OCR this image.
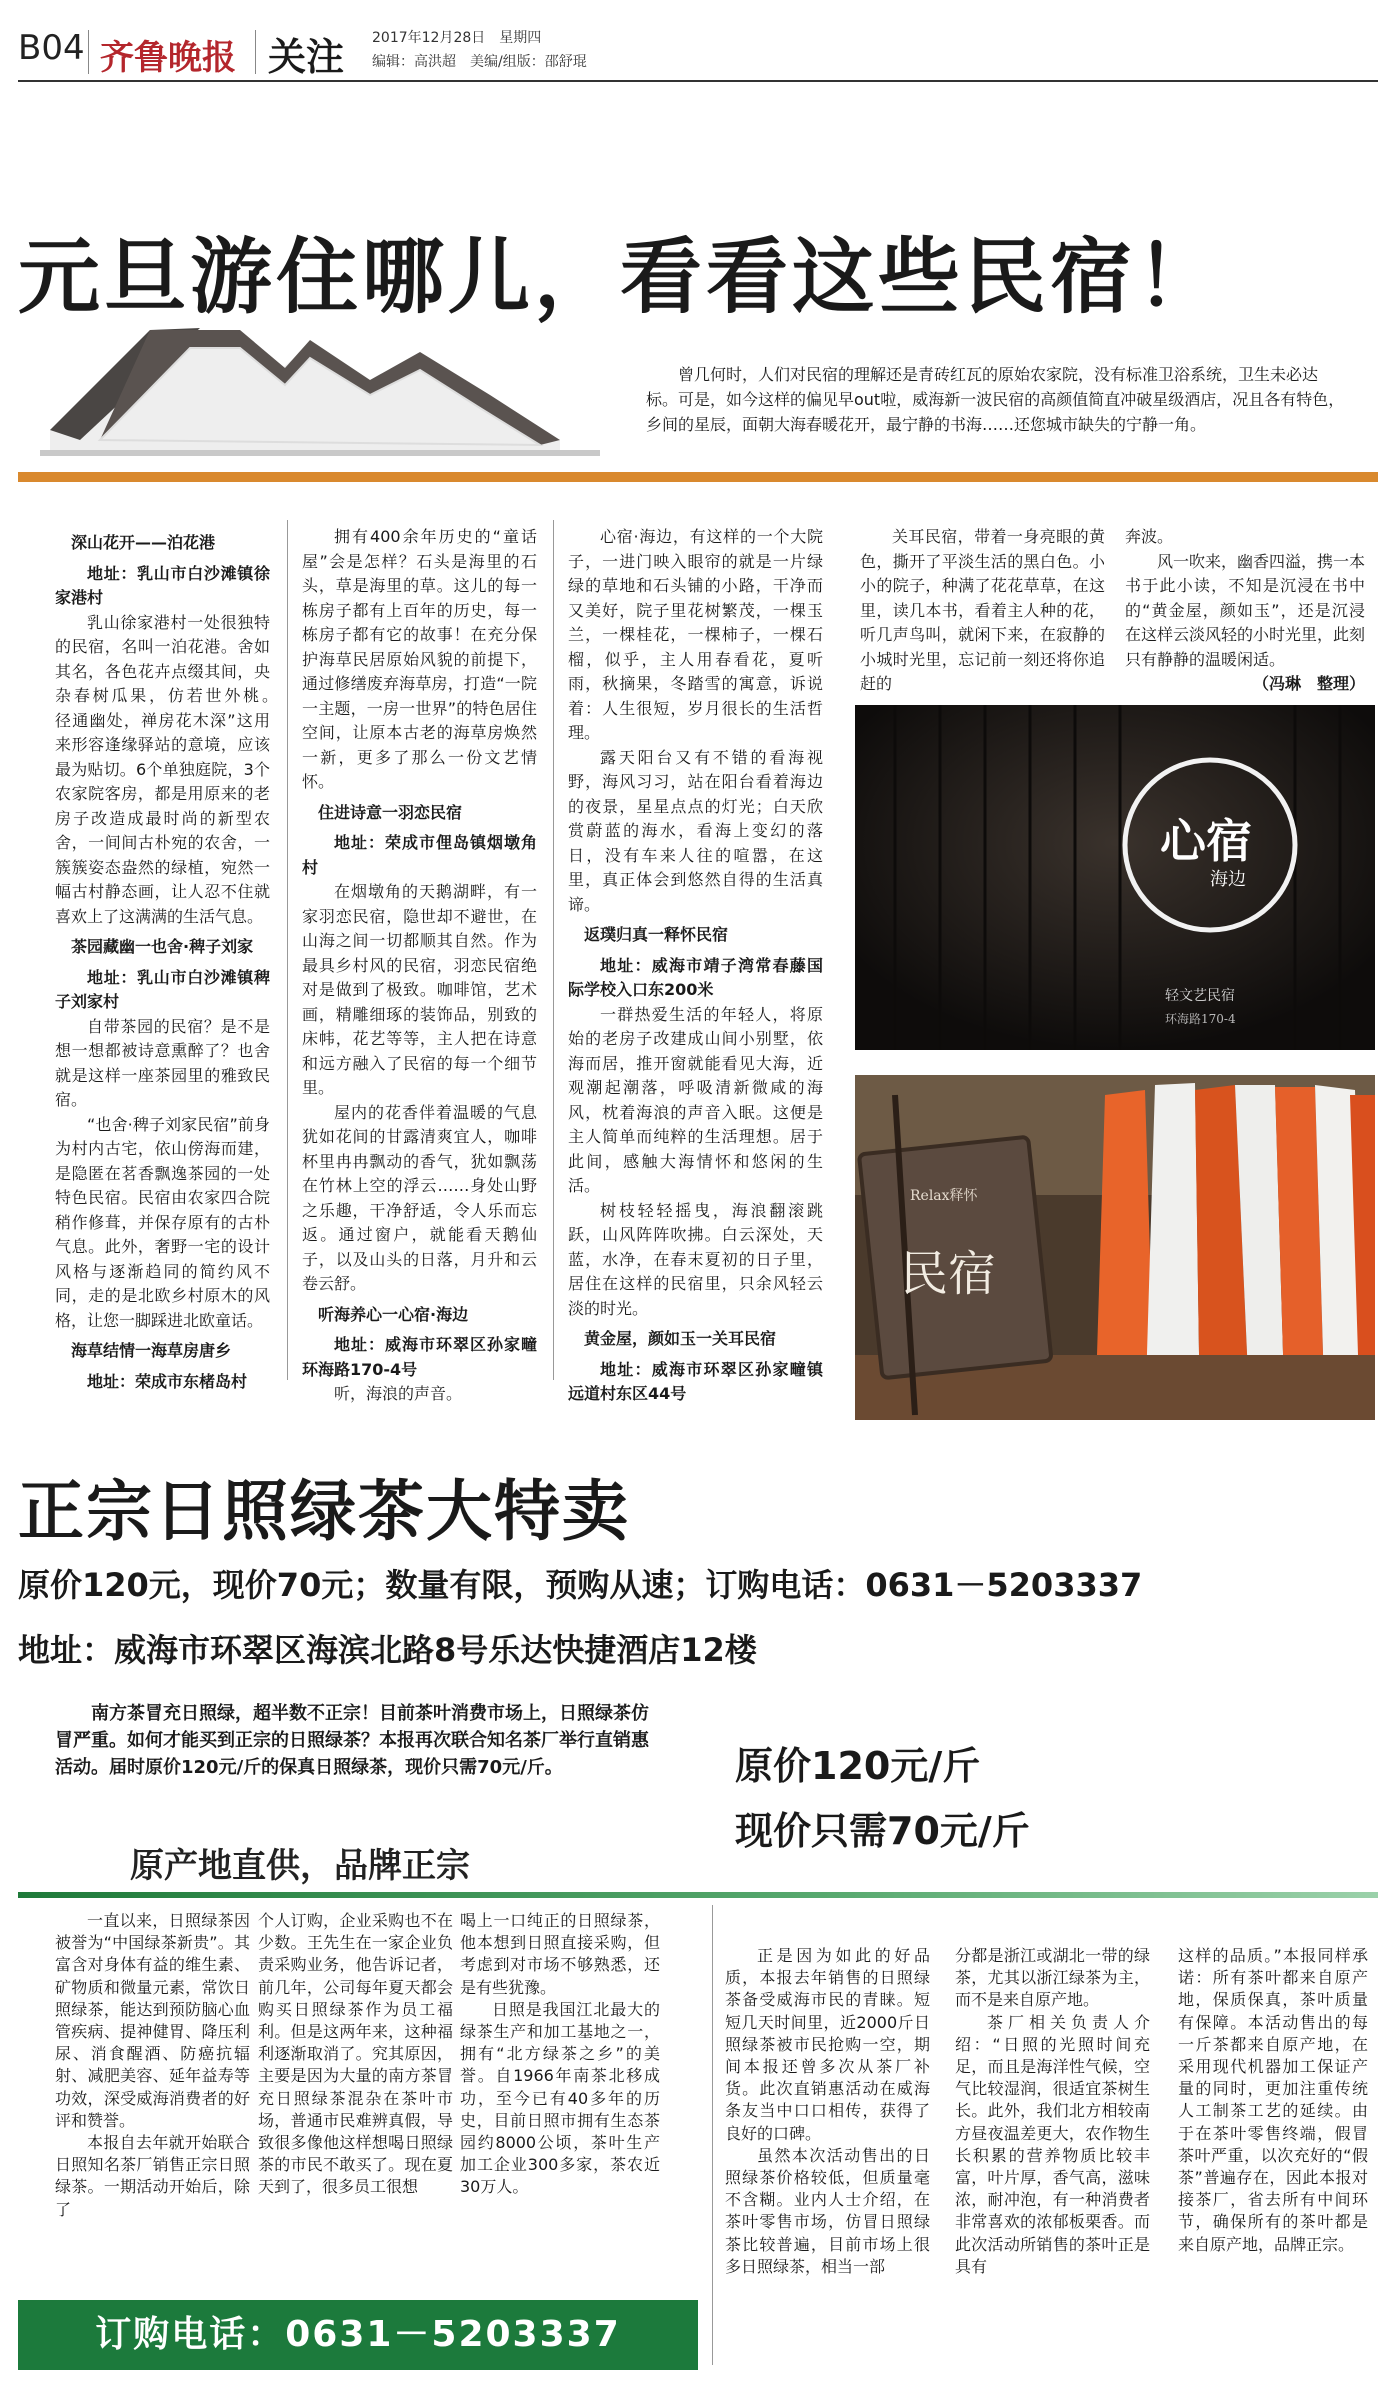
B04 齐鲁晚报 关注 2017年12月28日　星期四
编辑：高洪超　美编/组版：邵舒琨
元旦游住哪儿，看看这些民宿！
曾几何时，人们对民宿的理解还是青砖红瓦的原始农家院，没有标准卫浴系统，卫生未必达标。可是，如今这样的偏见早out啦，威海新一波民宿的高颜值简直冲破星级酒店，况且各有特色，乡间的星辰，面朝大海春暖花开，最宁静的书海……还您城市缺失的宁静一角。
深山花开——泊花港

地址：乳山市白沙滩镇徐家港村

乳山徐家港村一处很独特的民宿，名叫一泊花港。舍如其名，各色花卉点缀其间，央杂春树瓜果，仿若世外桃。　径通幽处，禅房花木深”这用来形容逢缘驿站的意境，应该最为贴切。6个单独庭院，3个农家院客房，都是用原来的老房子改造成最时尚的新型农舍，一间间古朴宛的农舍，一簇簇姿态盎然的绿植，宛然一幅古村静态画，让人忍不住就喜欢上了这满满的生活气息。

茶园藏幽一也舍·稗子刘家

地址：乳山市白沙滩镇稗子刘家村

自带茶园的民宿？是不是想一想都被诗意熏醉了？也舍就是这样一座茶园里的雅致民宿。

“也舍·稗子刘家民宿”前身为村内古宅，依山傍海而建，是隐匿在茗香飘逸茶园的一处特色民宿。民宿由农家四合院稍作修葺，并保存原有的古朴气息。此外，奢野一宅的设计风格与逐渐趋同的简约风不同，走的是北欧乡村原木的风格，让您一脚踩进北欧童话。

海草结情一海草房唐乡

地址：荣成市东楮岛村

拥有400余年历史的“童话屋”会是怎样？石头是海里的石头，草是海里的草。这儿的每一栋房子都有上百年的历史，每一栋房子都有它的故事！在充分保护海草民居原始风貌的前提下，通过修缮废弃海草房，打造“一院一主题，一房一世界”的特色居住空间，让原本古老的海草房焕然一新，更多了那么一份文艺情怀。

住进诗意一羽恋民宿

地址：荣成市俚岛镇烟墩角村

在烟墩角的天鹅湖畔，有一家羽恋民宿，隐世却不避世，在山海之间一切都顺其自然。作为最具乡村风的民宿，羽恋民宿绝对是做到了极致。咖啡馆，艺术画，精雕细琢的装饰品，别致的床帏，花艺等等，主人把在诗意和远方融入了民宿的每一个细节里。

屋内的花香伴着温暖的气息犹如花间的甘露清爽宜人，咖啡杯里冉冉飘动的香气，犹如飘荡在竹林上空的浮云……身处山野之乐趣，干净舒适，令人乐而忘返。通过窗户，就能看天鹅仙子，以及山头的日落，月升和云卷云舒。

听海养心一心宿·海边

地址：威海市环翠区孙家疃环海路170-4号

听，海浪的声音。

心宿·海边，有这样的一个大院子，一进门映入眼帘的就是一片绿绿的草地和石头铺的小路，干净而又美好，院子里花树繁茂，一棵玉兰，一棵桂花，一棵柿子，一棵石榴，似乎，主人用春看花，夏听雨，秋摘果，冬踏雪的寓意，诉说着：人生很短，岁月很长的生活哲理。

露天阳台又有不错的看海视野，海风习习，站在阳台看着海边的夜景，星星点点的灯光；白天欣赏蔚蓝的海水，看海上变幻的落日，没有车来人往的喧嚣，在这里，真正体会到悠然自得的生活真谛。

返璞归真一释怀民宿

地址：威海市靖子湾常春藤国际学校入口东200米

一群热爱生活的年轻人，将原始的老房子改建成山间小别墅，依海而居，推开窗就能看见大海，近观潮起潮落，呼吸清新微咸的海风，枕着海浪的声音入眠。这便是主人简单而纯粹的生活理想。居于此间，感触大海情怀和悠闲的生活。

树枝轻轻摇曳，海浪翻滚跳跃，山风阵阵吹拂。白云深处，天蓝，水净，在春末夏初的日子里，居住在这样的民宿里，只余风轻云淡的时光。

黄金屋，颜如玉一关耳民宿

地址：威海市环翠区孙家疃镇远道村东区44号

关耳民宿，带着一身亮眼的黄色，撕开了平淡生活的黑白色。小小的院子，种满了花花草草，在这里，读几本书，看着主人种的花，听几声鸟叫，就闲下来，在寂静的小城时光里，忘记前一刻还将你追赶的

奔波。

风一吹来，幽香四溢，携一本书于此小读，不知是沉浸在书中的“黄金屋，颜如玉”，还是沉浸在这样云淡风轻的小时光里，此刻只有静静的温暖闲适。

（冯琳　整理）

心宿
海边
轻文艺民宿
环海路170-4
Relax释怀
民宿
正宗日照绿茶大特卖
原价120元，现价70元；数量有限，预购从速；订购电话：0631－5203337
地址：威海市环翠区海滨北路8号乐达快捷酒店12楼
南方茶冒充日照绿，超半数不正宗！目前茶叶消费市场上，日照绿茶仿冒严重。如何才能买到正宗的日照绿茶？本报再次联合知名茶厂举行直销惠活动。届时原价120元/斤的保真日照绿茶，现价只需70元/斤。	原价120元/斤
现价只需70元/斤
原产地直供，品牌正宗

一直以来，日照绿茶因被誉为“中国绿茶新贵”。其富含对身体有益的维生素、矿物质和微量元素，常饮日照绿茶，能达到预防脑心血管疾病、提神健胃、降压利尿、消食醒酒、防癌抗辐射、减肥美容、延年益寿等功效，深受威海消费者的好评和赞誉。

本报自去年就开始联合日照知名茶厂销售正宗日照绿茶。一期活动开始后，除了

个人订购，企业采购也不在少数。王先生在一家企业负责采购业务，他告诉记者，前几年，公司每年夏天都会购买日照绿茶作为员工福利。但是这两年来，这种福利逐渐取消了。究其原因，主要是因为大量的南方茶冒充日照绿茶混杂在茶叶市场，普通市民难辨真假，导致很多像他这样想喝日照绿茶的市民不敢买了。现在夏天到了，很多员工很想

喝上一口纯正的日照绿茶，他本想到日照直接采购，但考虑到对市场不够熟悉，还是有些犹豫。

日照是我国江北最大的绿茶生产和加工基地之一，拥有“北方绿茶之乡”的美誉。自1966年南茶北移成功，至今已有40多年的历史，目前日照市拥有生态茶园约8000公顷，茶叶生产加工企业300多家，茶农近30万人。

正是因为如此的好品质，本报去年销售的日照绿茶备受威海市民的青睐。短短几天时间里，近2000斤日照绿茶被市民抢购一空，期间本报还曾多次从茶厂补货。此次直销惠活动在威海条友当中口口相传，获得了良好的口碑。

虽然本次活动售出的日照绿茶价格较低，但质量毫不含糊。业内人士介绍，在茶叶零售市场，仿冒日照绿茶比较普遍，目前市场上很多日照绿茶，相当一部

分都是浙江或湖北一带的绿茶，尤其以浙江绿茶为主，而不是来自原产地。

茶厂相关负责人介绍：“日照的光照时间充足，而且是海洋性气候，空气比较湿润，很适宜茶树生长。此外，我们北方相较南方昼夜温差更大，农作物生长积累的营养物质比较丰富，叶片厚，香气高，滋味浓，耐冲泡，有一种消费者非常喜欢的浓郁板栗香。而此次活动所销售的茶叶正是具有

这样的品质。”本报同样承诺：所有茶叶都来自原产地，保质保真，茶叶质量有保障。本活动售出的每一斤茶都来自原产地，在采用现代机器加工保证产量的同时，更加注重传统人工制茶工艺的延续。由于在茶叶零售终端，假冒茶叶严重，以次充好的“假茶”普遍存在，因此本报对接茶厂，省去所有中间环节，确保所有的茶叶都是来自原产地，品牌正宗。

订购电话：0631－5203337
